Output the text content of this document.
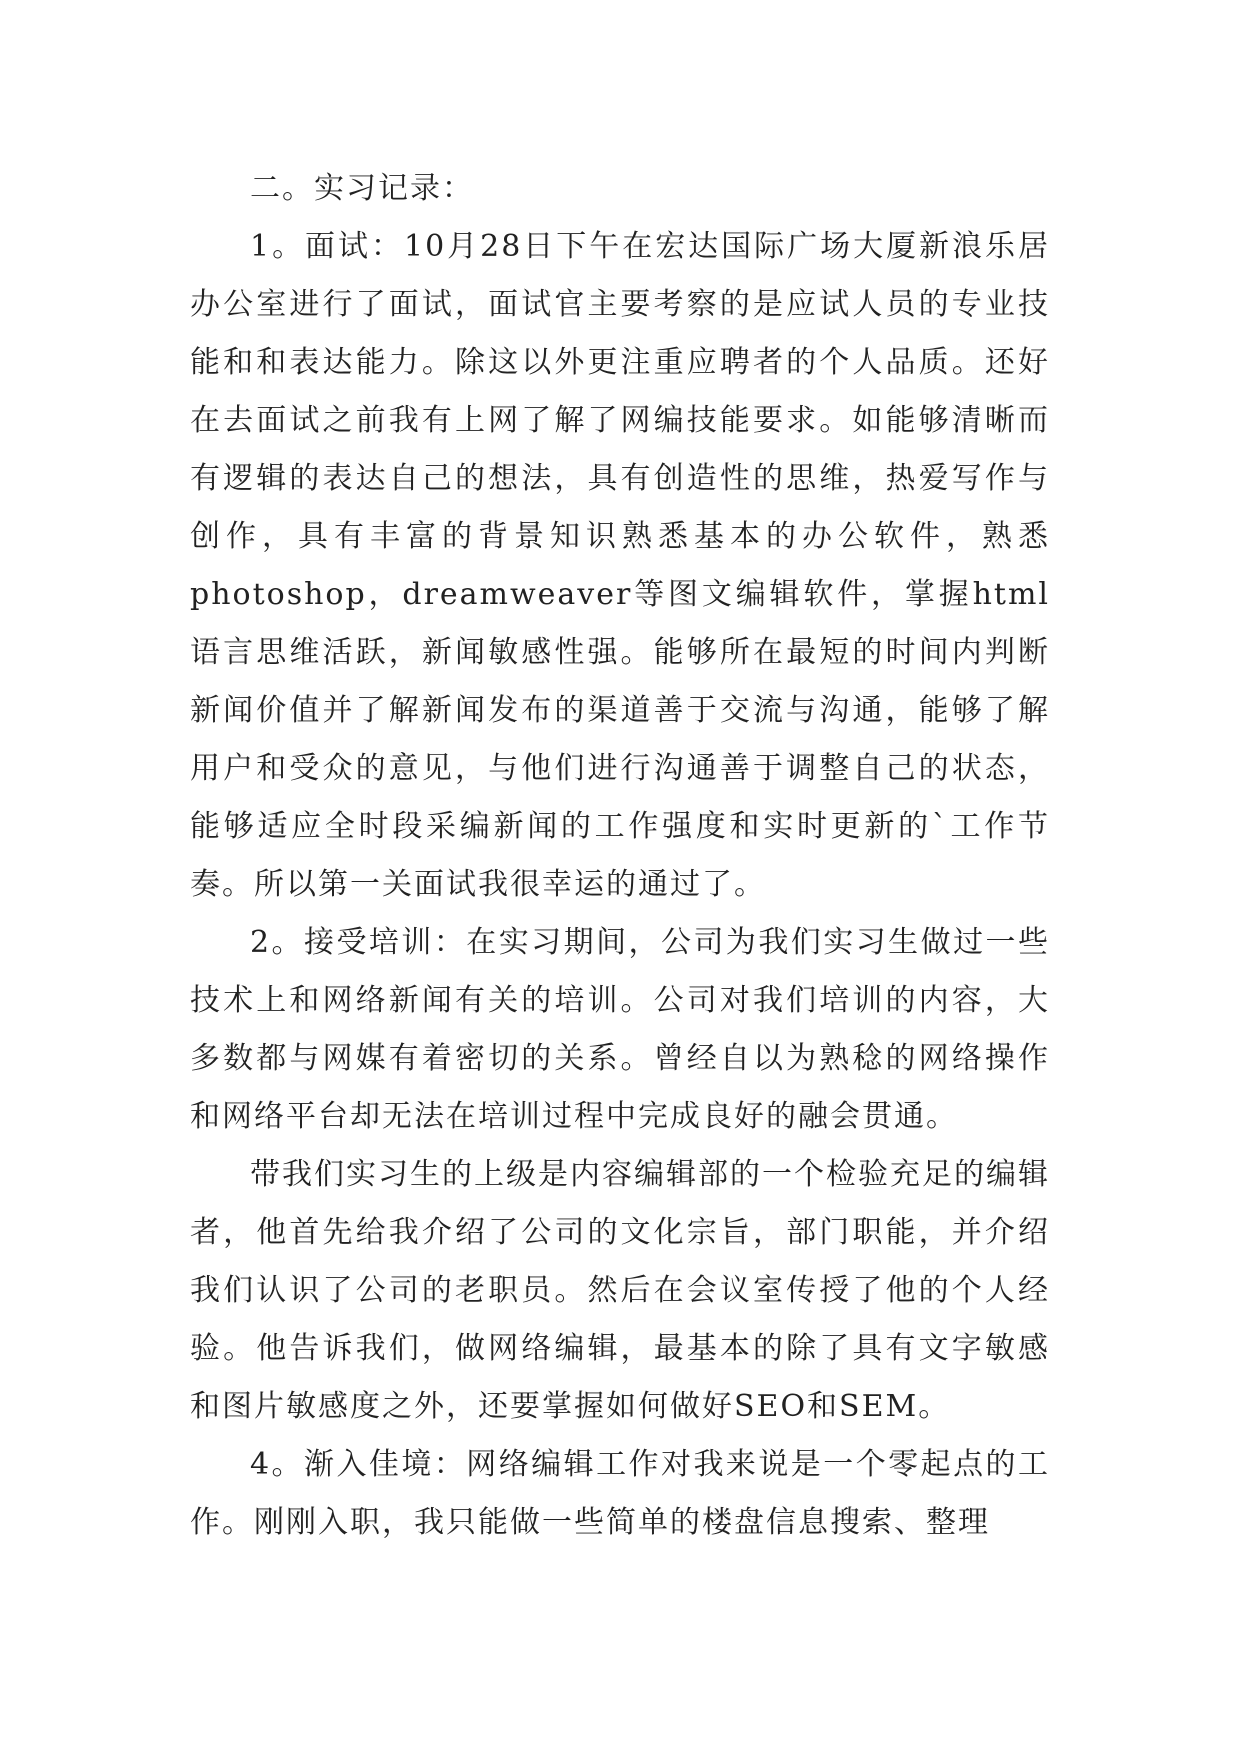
二。实习记录：

1。面试：10月28日下午在宏达国际广场大厦新浪乐居办公室进行了面试，面试官主要考察的是应试人员的专业技能和和表达能力。除这以外更注重应聘者的个人品质。还好在去面试之前我有上网了解了网编技能要求。如能够清晰而有逻辑的表达自己的想法，具有创造性的思维，热爱写作与创作，具有丰富的背景知识熟悉基本的办公软件，熟悉photoshop，dreamweaver等图文编辑软件，掌握html语言思维活跃，新闻敏感性强。能够所在最短的时间内判断新闻价值并了解新闻发布的渠道善于交流与沟通，能够了解用户和受众的意见，与他们进行沟通善于调整自己的状态，能够适应全时段采编新闻的工作强度和实时更新的`工作节奏。所以第一关面试我很幸运的通过了。

2。接受培训：在实习期间，公司为我们实习生做过一些技术上和网络新闻有关的培训。公司对我们培训的内容，大多数都与网媒有着密切的关系。曾经自以为熟稔的网络操作和网络平台却无法在培训过程中完成良好的融会贯通。

带我们实习生的上级是内容编辑部的一个检验充足的编辑者，他首先给我介绍了公司的文化宗旨，部门职能，并介绍我们认识了公司的老职员。然后在会议室传授了他的个人经验。他告诉我们，做网络编辑，最基本的除了具有文字敏感和图片敏感度之外，还要掌握如何做好SEO和SEM。

4。渐入佳境：网络编辑工作对我来说是一个零起点的工作。刚刚入职，我只能做一些简单的楼盘信息搜索、整理
